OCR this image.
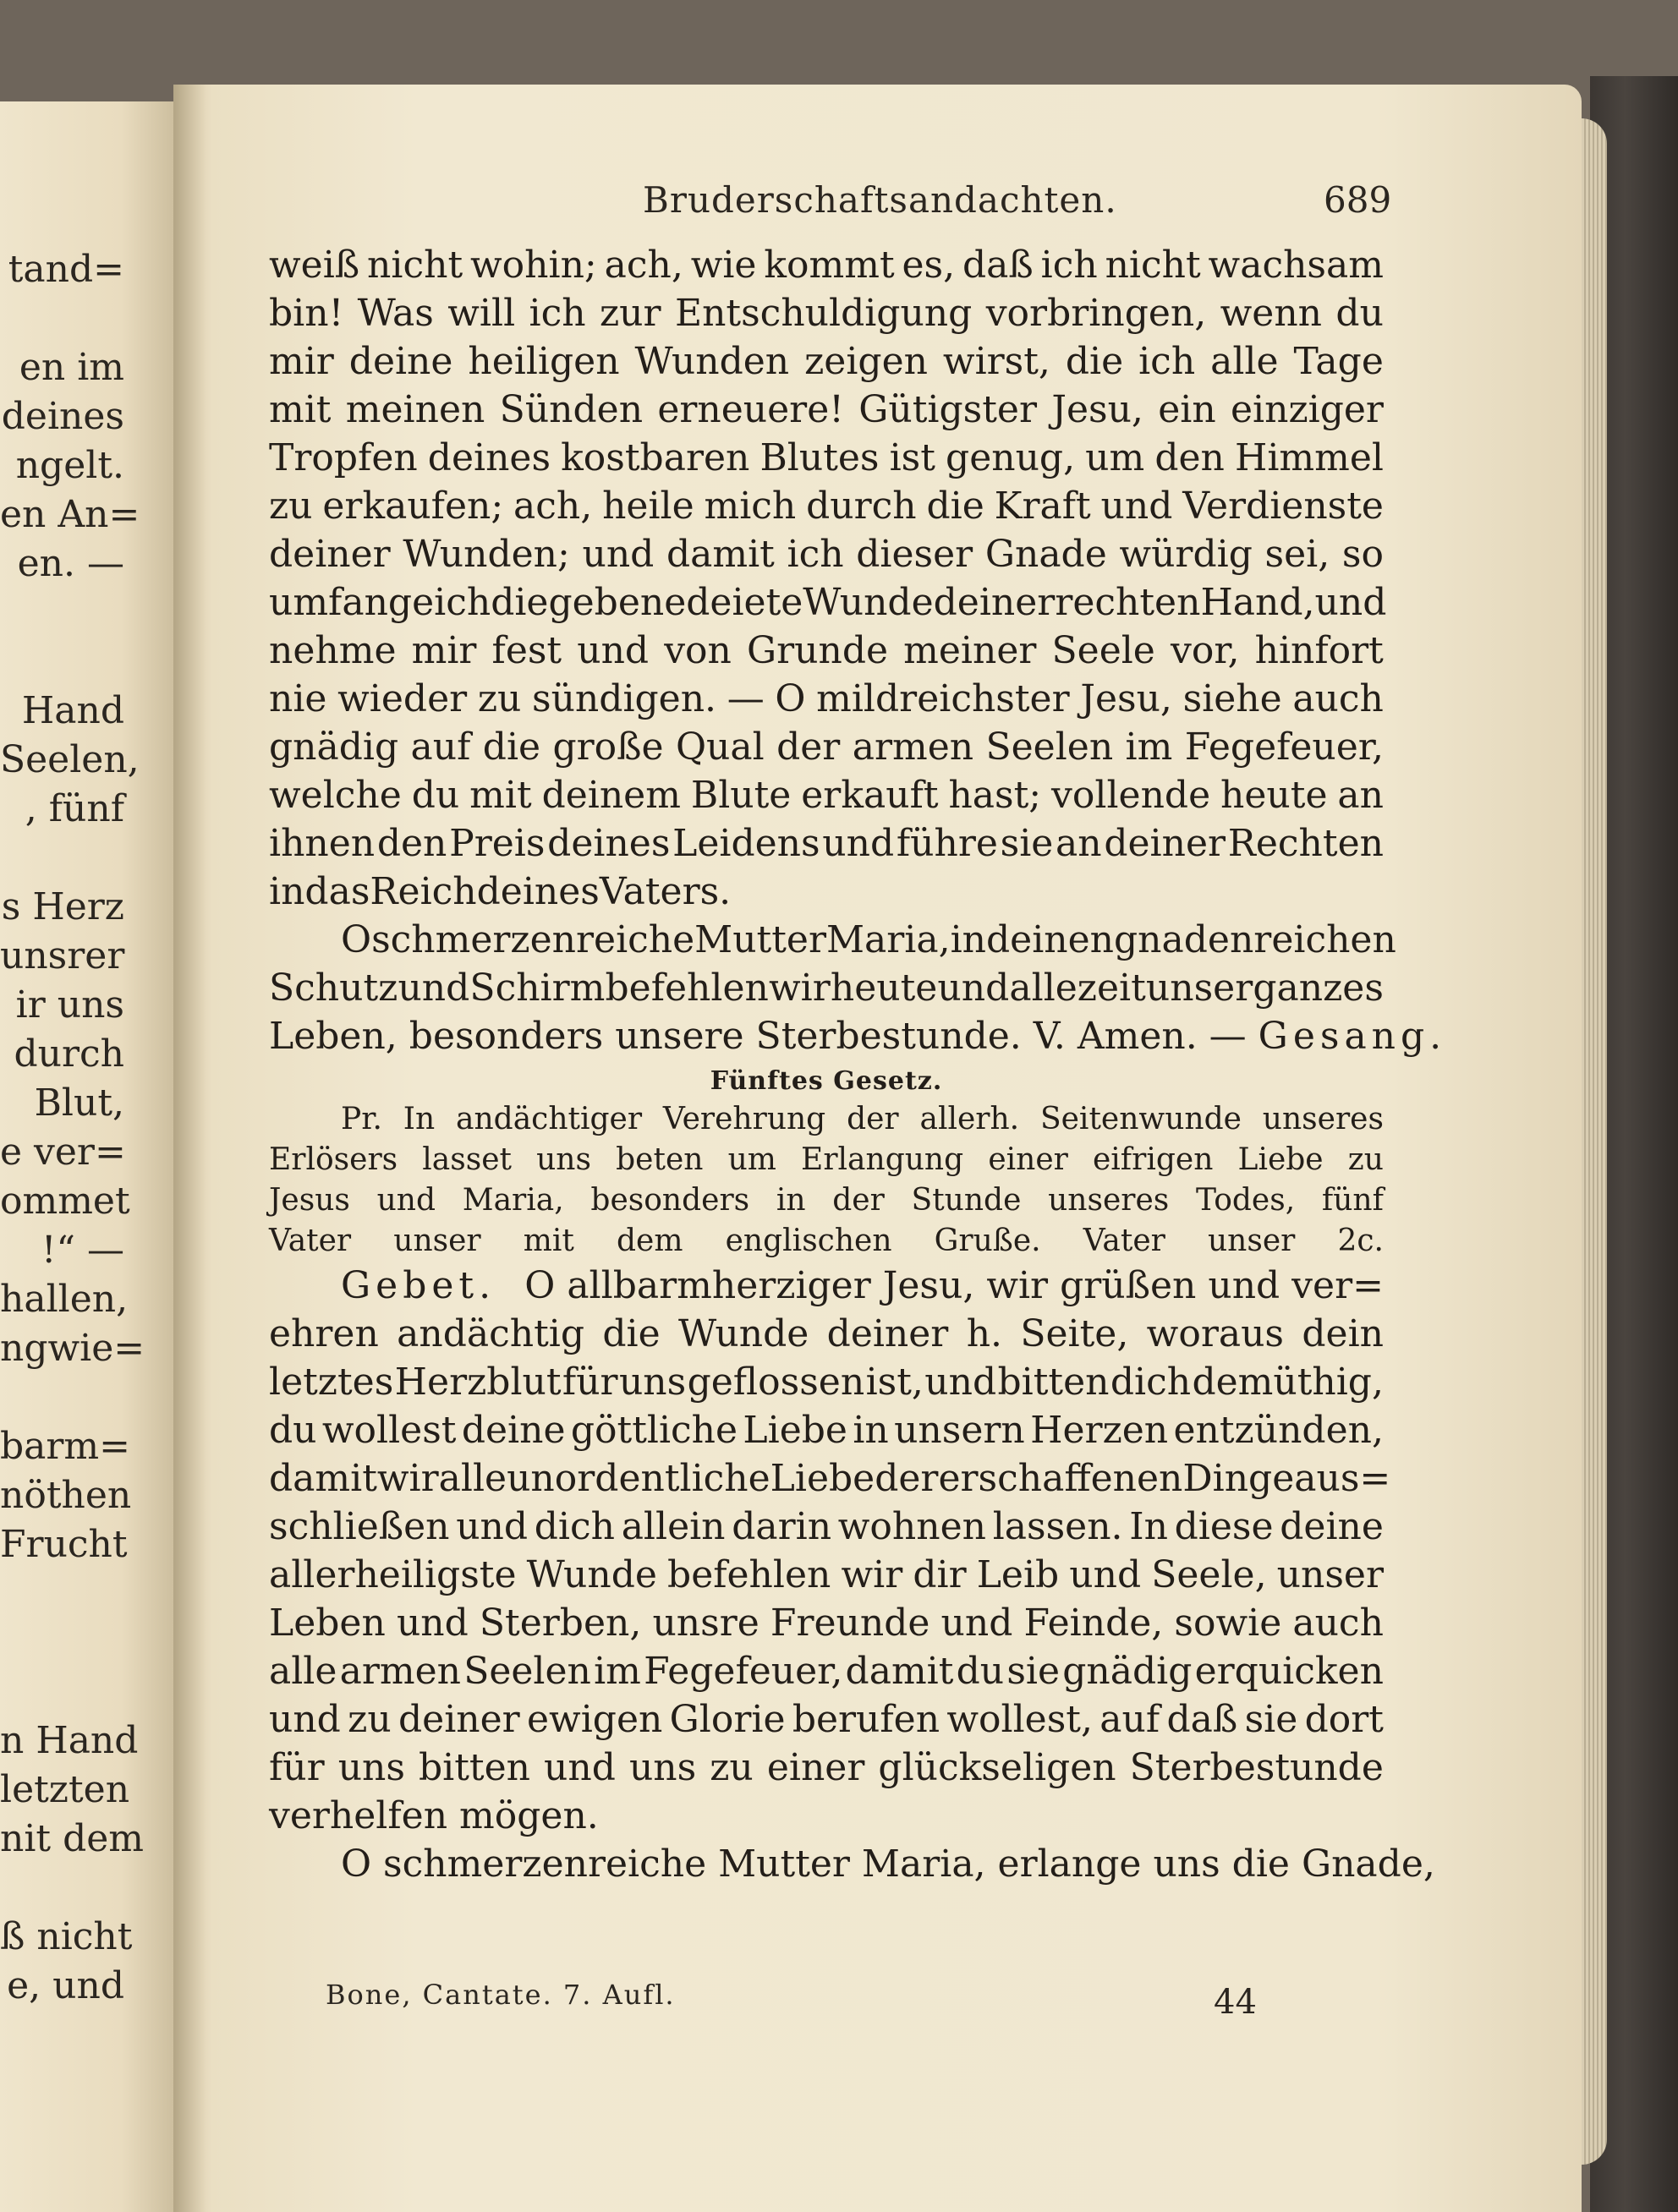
tand=
en im
deines
ngelt.
en An=
en. —
Hand
Seelen,
, fünf
s Herz
unsrer
ir uns
durch
Blut,
e ver=
ommet
!“ —
hallen,
ngwie=
barm=
nöthen
Frucht
n Hand
letzten
nit dem
ß nicht
e, und
Bruderschaftsandachten.	689
weiß nicht wohin; ach, wie kommt es, daß ich nicht wachsam
bin! Was will ich zur Entschuldigung vorbringen, wenn du
mir deine heiligen Wunden zeigen wirst, die ich alle Tage
mit meinen Sünden erneuere! Gütigster Jesu, ein einziger
Tropfen deines kostbaren Blutes ist genug, um den Himmel
zu erkaufen; ach, heile mich durch die Kraft und Verdienste
deiner Wunden; und damit ich dieser Gnade würdig sei, so
umfange ich die gebenedeiete Wunde deiner rechten Hand, und
nehme mir fest und von Grunde meiner Seele vor, hinfort
nie wieder zu sündigen. — O mildreichster Jesu, siehe auch
gnädig auf die große Qual der armen Seelen im Fegefeuer,
welche du mit deinem Blute erkauft hast; vollende heute an
ihnen den Preis deines Leidens und führe sie an deiner Rechten
in das Reich deines Vaters.
O schmerzenreiche Mutter Maria, in deinen gnadenreichen
Schutz und Schirm befehlen wir heute und allezeit unser ganzes
Leben, besonders unsere Sterbestunde. V. Amen. —
Gesang.
Fünftes Gesetz.
Pr. In andächtiger Verehrung der allerh. Seitenwunde unseres
Erlösers lasset uns beten um Erlangung einer eifrigen Liebe zu
Jesus und Maria, besonders in der Stunde unseres Todes, fünf
Vater unser mit dem englischen Gruße. Vater unser 2c.
Gebet.
O allbarmherziger Jesu, wir grüßen und ver=
ehren andächtig die Wunde deiner h. Seite, woraus dein
letztes Herzblut für uns geflossen ist, und bitten dich demüthig,
du wollest deine göttliche Liebe in unsern Herzen entzünden,
damit wir alle unordentliche Liebe der erschaffenen Dinge aus=
schließen und dich allein darin wohnen lassen. In diese deine
allerheiligste Wunde befehlen wir dir Leib und Seele, unser
Leben und Sterben, unsre Freunde und Feinde, sowie auch
alle armen Seelen im Fegefeuer, damit du sie gnädig erquicken
und zu deiner ewigen Glorie berufen wollest, auf daß sie dort
für uns bitten und uns zu einer glückseligen Sterbestunde
verhelfen mögen.
O schmerzenreiche Mutter Maria, erlange uns die Gnade,
Bone, Cantate. 7. Aufl.	44
